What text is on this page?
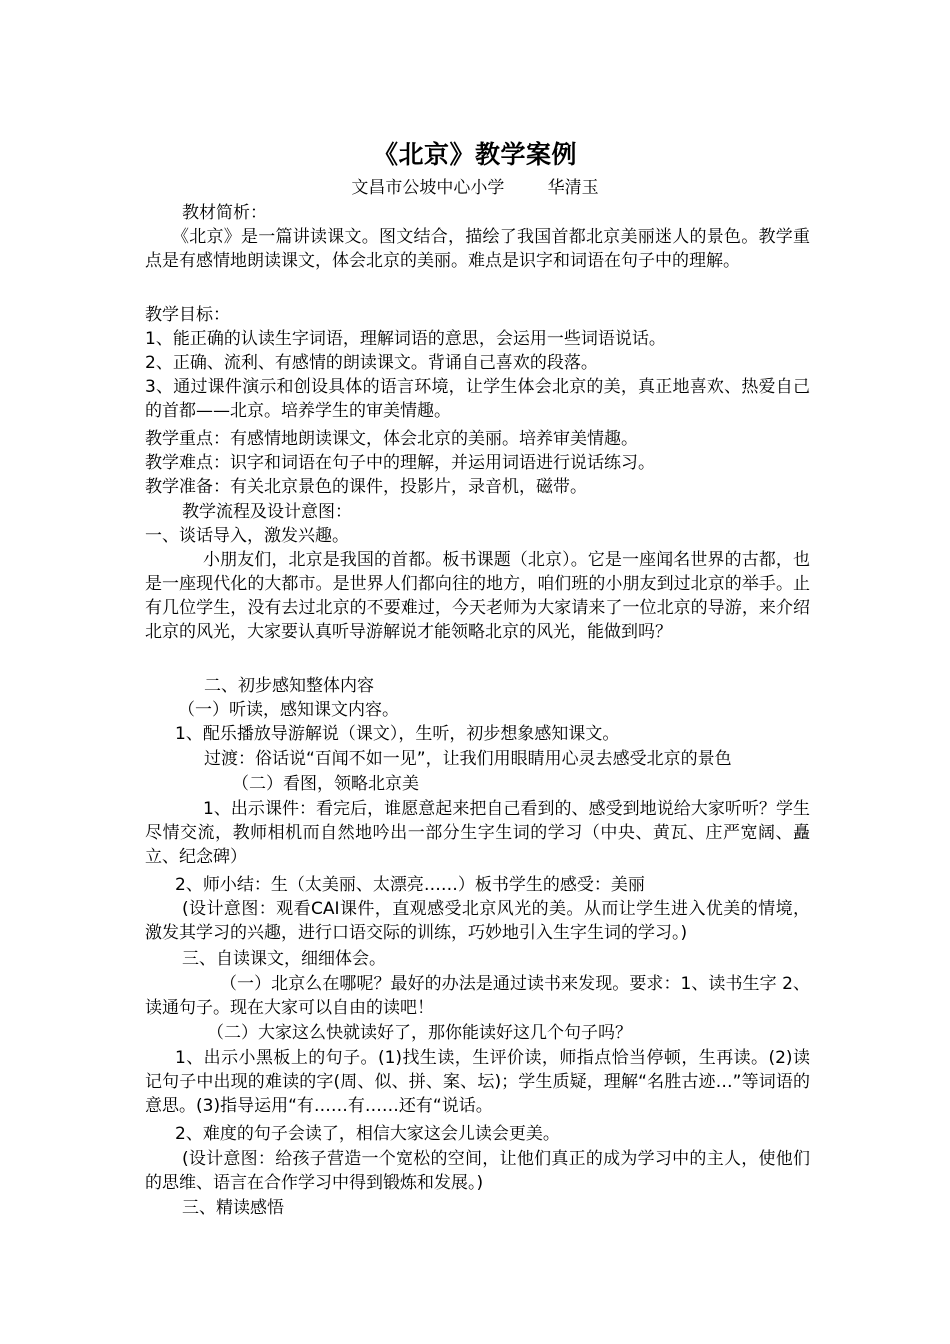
《北京》教学案例
文昌市公坡中心小学        华清玉
教材简析：
《北京》是一篇讲读课文。图文结合，描绘了我国首都北京美丽迷人的景色。教学重点是有感情地朗读课文，体会北京的美丽。难点是识字和词语在句子中的理解。
教学目标：
1、能正确的认读生字词语，理解词语的意思，会运用一些词语说话。
2、正确、流利、有感情的朗读课文。背诵自己喜欢的段落。
3、通过课件演示和创设具体的语言环境，让学生体会北京的美，真正地喜欢、热爱自己的首都——北京。培养学生的审美情趣。
教学重点：有感情地朗读课文，体会北京的美丽。培养审美情趣。
教学难点：识字和词语在句子中的理解，并运用词语进行说话练习。
教学准备：有关北京景色的课件，投影片，录音机，磁带。
教学流程及设计意图：
一、谈话导入，激发兴趣。
小朋友们，北京是我国的首都。板书课题（北京）。它是一座闻名世界的古都，也是一座现代化的大都市。是世界人们都向往的地方，咱们班的小朋友到过北京的举手。止有几位学生，没有去过北京的不要难过，今天老师为大家请来了一位北京的导游，来介绍北京的风光，大家要认真听导游解说才能领略北京的风光，能做到吗？
二、初步感知整体内容
（一）听读，感知课文内容。
1、配乐播放导游解说（课文），生听，初步想象感知课文。
过渡：俗话说“百闻不如一见”，让我们用眼睛用心灵去感受北京的景色
（二）看图，领略北京美
1、出示课件：看完后，谁愿意起来把自己看到的、感受到地说给大家听听？学生尽情交流，教师相机而自然地吟出一部分生字生词的学习（中央、黄瓦、庄严宽阔、矗立、纪念碑）
2、师小结：生（太美丽、太漂亮……）板书学生的感受：美丽
(设计意图：观看CAI课件，直观感受北京风光的美。从而让学生进入优美的情境，激发其学习的兴趣，进行口语交际的训练，巧妙地引入生字生词的学习。)
三、自读课文，细细体会。
（一）北京么在哪呢？最好的办法是通过读书来发现。要求：1、读书生字 2、读通句子。现在大家可以自由的读吧！
（二）大家这么快就读好了，那你能读好这几个句子吗？
1、出示小黑板上的句子。(1)找生读，生评价读，师指点恰当停顿，生再读。(2)读记句子中出现的难读的字(周、似、拼、案、坛)；学生质疑，理解“名胜古迹…”等词语的意思。(3)指导运用“有……有……还有“说话。
2、难度的句子会读了，相信大家这会儿读会更美。
(设计意图：给孩子营造一个宽松的空间，让他们真正的成为学习中的主人，使他们的思维、语言在合作学习中得到锻炼和发展。)
三、精读感悟
